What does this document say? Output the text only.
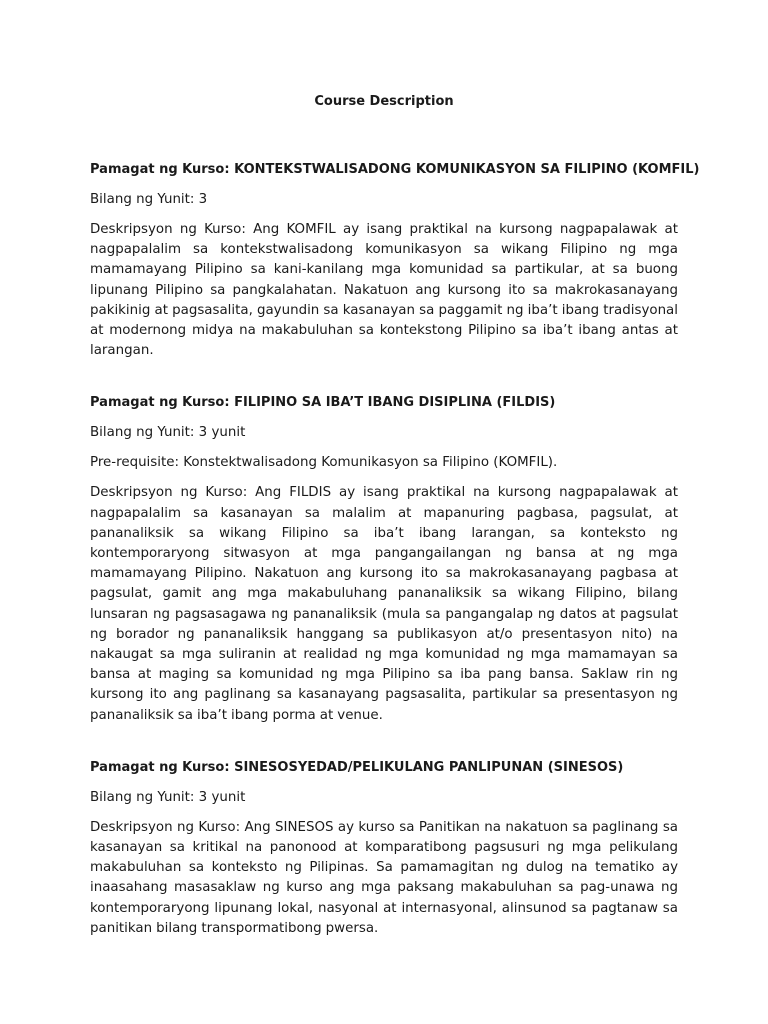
Course Description
Pamagat ng Kurso: KONTEKSTWALISADONG KOMUNIKASYON SA FILIPINO (KOMFIL)
Bilang ng Yunit: 3
Deskripsyon ng Kurso: Ang KOMFIL ay isang praktikal na kursong nagpapalawak at nagpapalalim sa kontekstwalisadong komunikasyon sa wikang Filipino ng mga mamamayang Pilipino sa kani-kanilang mga komunidad sa partikular, at sa buong lipunang Pilipino sa pangkalahatan. Nakatuon ang kursong ito sa makrokasanayang pakikinig at pagsasalita, gayundin sa kasanayan sa paggamit ng iba’t ibang tradisyonal at modernong midya na makabuluhan sa kontekstong Pilipino sa iba’t ibang antas at larangan.
Pamagat ng Kurso: FILIPINO SA IBA’T IBANG DISIPLINA (FILDIS)
Bilang ng Yunit: 3 yunit
Pre-requisite: Konstektwalisadong Komunikasyon sa Filipino (KOMFIL).
Deskripsyon ng Kurso: Ang FILDIS ay isang praktikal na kursong nagpapalawak at nagpapalalim sa kasanayan sa malalim at mapanuring pagbasa, pagsulat, at pananaliksik sa wikang Filipino sa iba’t ibang larangan, sa konteksto ng kontemporaryong sitwasyon at mga pangangailangan ng bansa at ng mga mamamayang Pilipino. Nakatuon ang kursong ito sa makrokasanayang pagbasa at pagsulat, gamit ang mga makabuluhang pananaliksik sa wikang Filipino, bilang lunsaran ng pagsasagawa ng pananaliksik (mula sa pangangalap ng datos at pagsulat ng borador ng pananaliksik hanggang sa publikasyon at/o presentasyon nito) na nakaugat sa mga suliranin at realidad ng mga komunidad ng mga mamamayan sa bansa at maging sa komunidad ng mga Pilipino sa iba pang bansa. Saklaw rin ng kursong ito ang paglinang sa kasanayang pagsasalita, partikular sa presentasyon ng pananaliksik sa iba’t ibang porma at venue.
Pamagat ng Kurso: SINESOSYEDAD/PELIKULANG PANLIPUNAN (SINESOS)
Bilang ng Yunit: 3 yunit
Deskripsyon ng Kurso: Ang SINESOS ay kurso sa Panitikan na nakatuon sa paglinang sa kasanayan sa kritikal na panonood at komparatibong pagsusuri ng mga pelikulang makabuluhan sa konteksto ng Pilipinas. Sa pamamagitan ng dulog na tematiko ay inaasahang masasaklaw ng kurso ang mga paksang makabuluhan sa pag-unawa ng kontemporaryong lipunang lokal, nasyonal at internasyonal, alinsunod sa pagtanaw sa panitikan bilang transpormatibong pwersa.
